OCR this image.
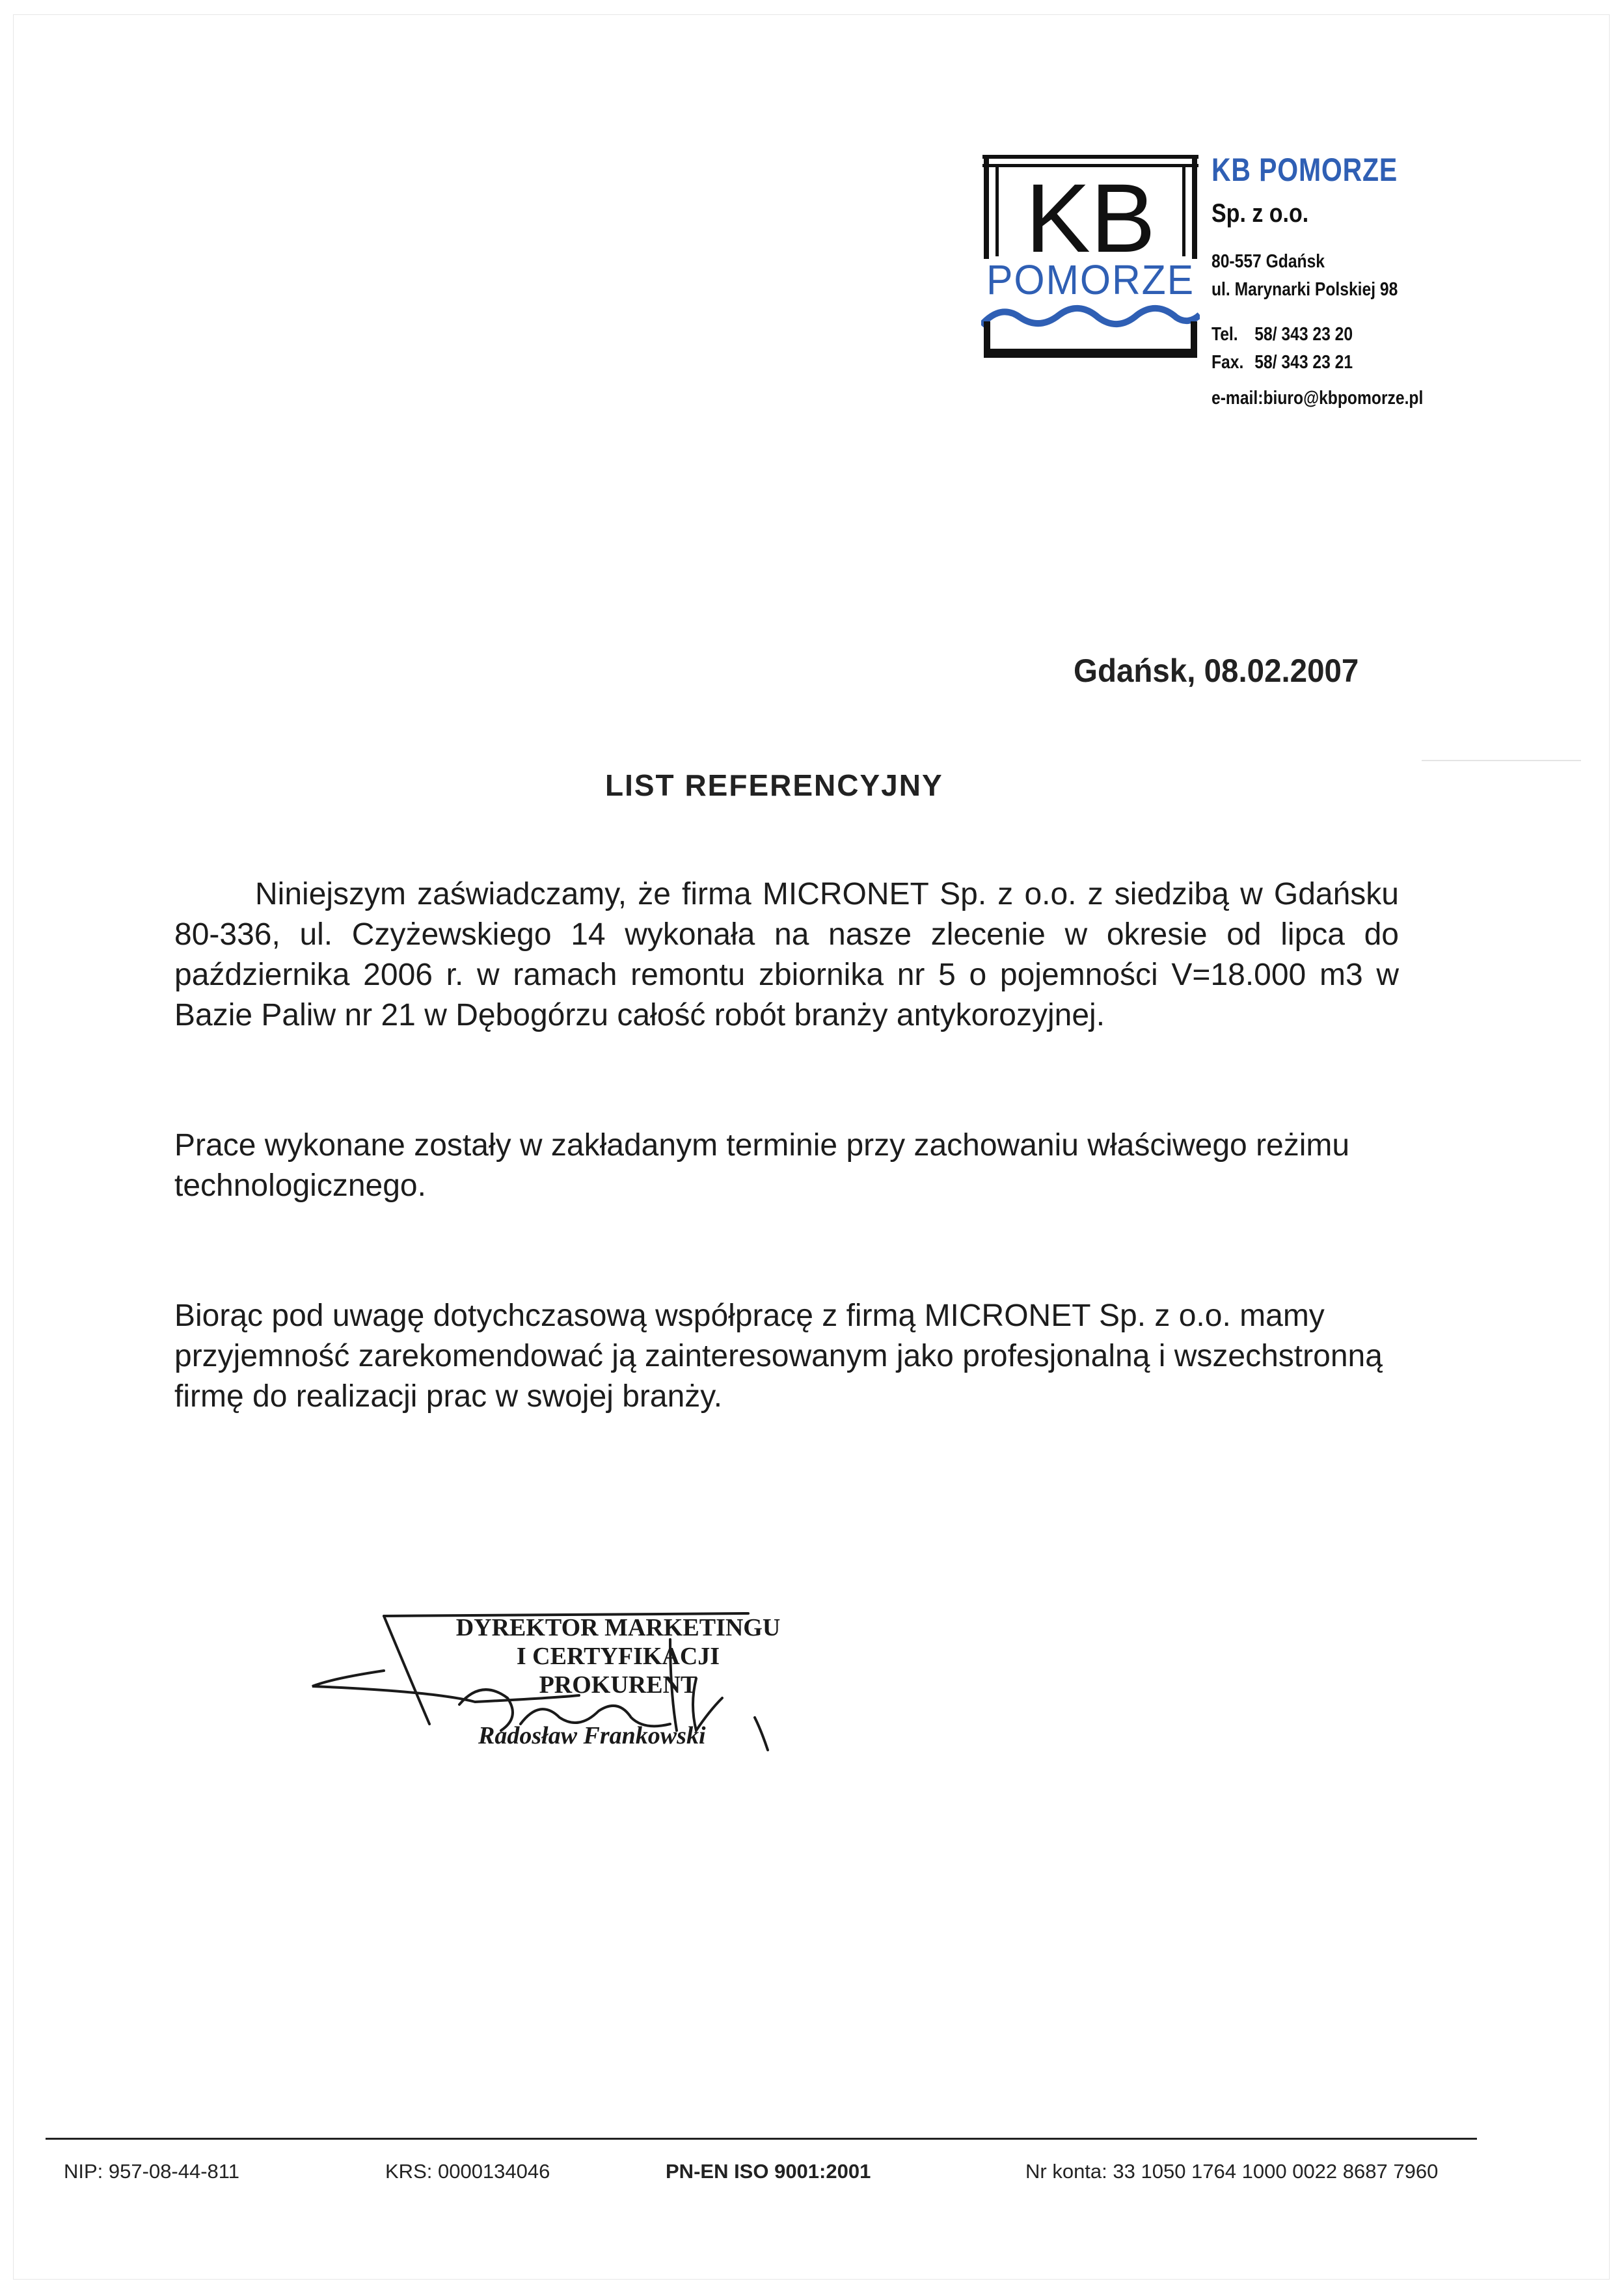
KB
POMORZE
KB POMORZE
Sp. z o.o.
80-557 Gdańsk
ul. Marynarki Polskiej 98
Tel. 58/ 343 23 20
Fax. 58/ 343 23 21
e-mail:biuro@kbpomorze.pl
Gdańsk, 08.02.2007
LIST REFERENCYJNY
Niniejszym zaświadczamy, że firma MICRONET Sp. z o.o. z siedzibą w Gdańsku 80-336, ul. Czyżewskiego 14 wykonała na nasze zlecenie w okresie od lipca do października 2006 r. w ramach remontu zbiornika nr 5 o pojemności V=18.000 m3 w Bazie Paliw nr 21 w Dębogórzu całość robót branży antykorozyjnej.
Prace wykonane zostały w zakładanym terminie przy zachowaniu właściwego reżimu technologicznego.
Biorąc pod uwagę dotychczasową współpracę z firmą MICRONET Sp. z o.o. mamy przyjemność zarekomendować ją zainteresowanym jako profesjonalną i wszechstronną firmę do realizacji prac w swojej branży.
DYREKTOR MARKETINGU
I CERTYFIKACJI
PROKURENT
Radosław Frankowski
NIP: 957-08-44-811	KRS: 0000134046	PN-EN ISO 9001:2001	Nr konta: 33 1050 1764 1000 0022 8687 7960
